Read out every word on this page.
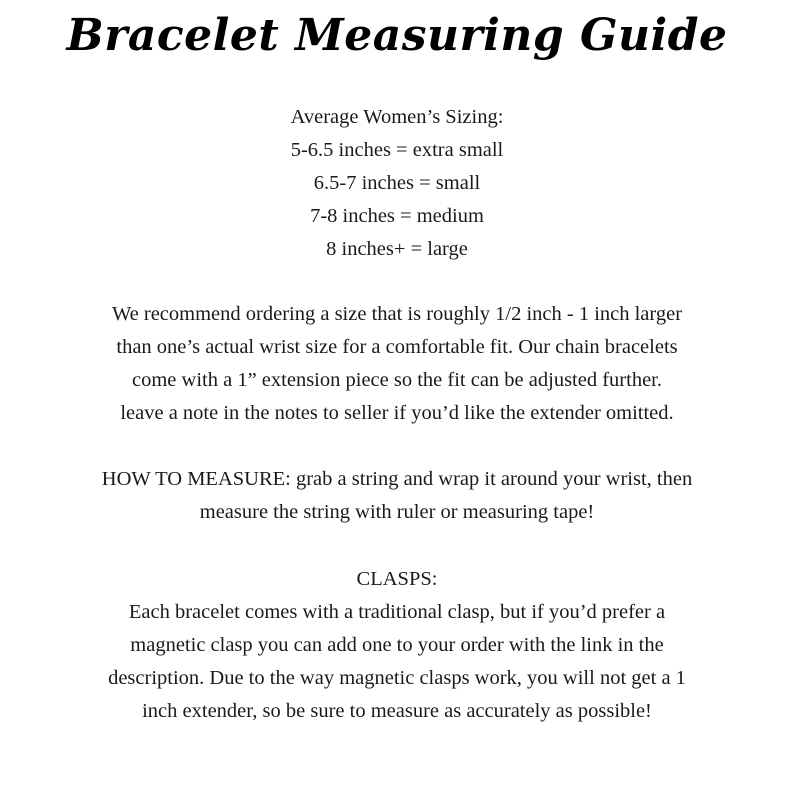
Bracelet Measuring Guide
Average Women’s Sizing:
5-6.5 inches = extra small
6.5-7 inches = small
7-8 inches = medium
8 inches+ = large
We recommend ordering a size that is roughly 1/2 inch - 1 inch larger
than one’s actual wrist size for a comfortable fit. Our chain bracelets
come with a 1” extension piece so the fit can be adjusted further.
leave a note in the notes to seller if you’d like the extender omitted.
HOW TO MEASURE: grab a string and wrap it around your wrist, then
measure the string with ruler or measuring tape!
CLASPS:
Each bracelet comes with a traditional clasp, but if you’d prefer a
magnetic clasp you can add one to your order with the link in the
description. Due to the way magnetic clasps work, you will not get a 1
inch extender, so be sure to measure as accurately as possible!
